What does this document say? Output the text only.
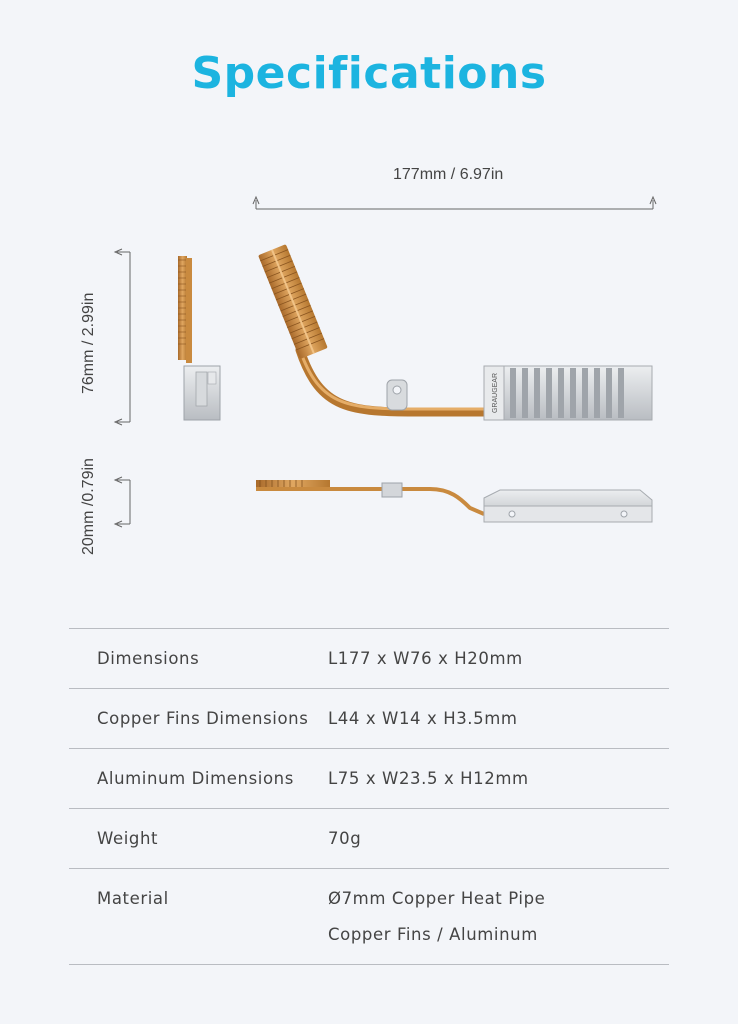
Specifications
GRAUGEAR
177mm / 6.97in
76mm / 2.99in
20mm /0.79in
Dimensions	L177 x W76 x H20mm
Copper Fins Dimensions	L44 x W14 x H3.5mm
Aluminum Dimensions	L75 x W23.5 x H12mm
Weight	70g
Material	Ø7mm Copper Heat Pipe
Copper Fins / Aluminum
